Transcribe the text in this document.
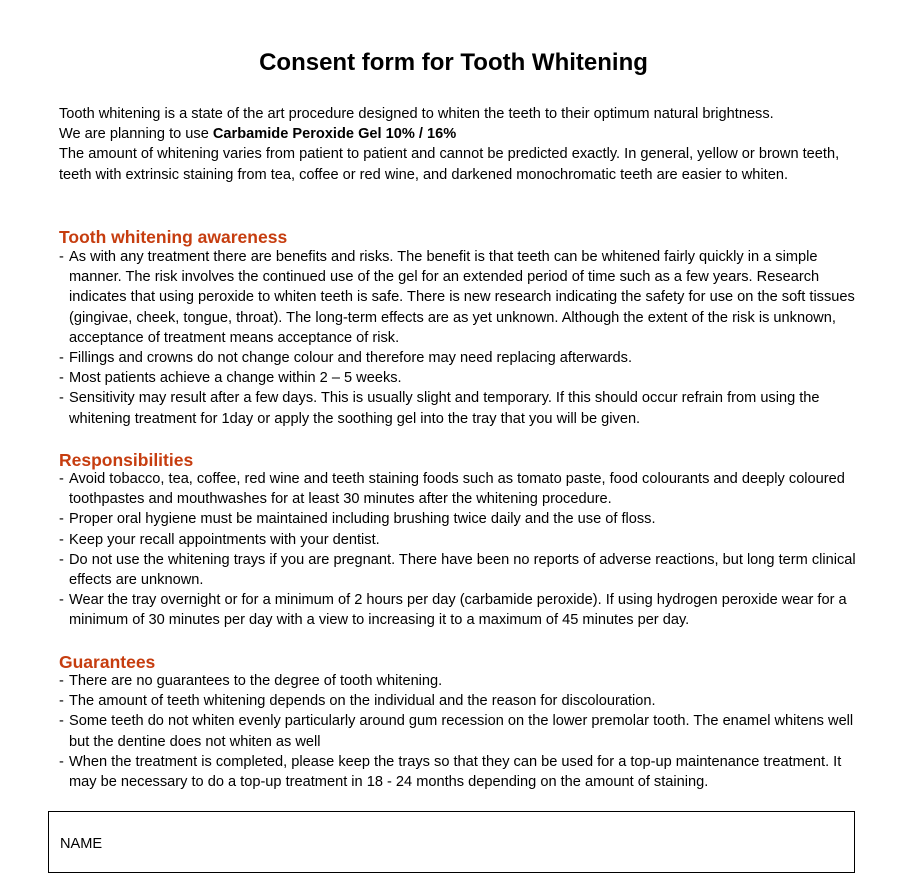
Consent form for Tooth Whitening

Tooth whitening is a state of the art procedure designed to whiten the teeth to their optimum natural brightness.

We are planning to use Carbamide Peroxide Gel 10% / 16%

The amount of whitening varies from patient to patient and cannot be predicted exactly. In general, yellow or brown teeth, teeth with extrinsic staining from tea, coffee or red wine, and darkened monochromatic teeth are easier to whiten.

Tooth whitening awareness
- As with any treatment there are benefits and risks. The benefit is that teeth can be whitened fairly quickly in a simple manner. The risk involves the continued use of the gel for an extended period of time such as a few years. Research indicates that using peroxide to whiten teeth is safe. There is new research indicating the safety for use on the soft tissues (gingivae, cheek, tongue, throat). The long-term effects are as yet unknown. Although the extent of the risk is unknown, acceptance of treatment means acceptance of risk.
- Fillings and crowns do not change colour and therefore may need replacing afterwards.
- Most patients achieve a change within 2 – 5 weeks.
- Sensitivity may result after a few days. This is usually slight and temporary. If this should occur refrain from using the whitening treatment for 1day or apply the soothing gel into the tray that you will be given.
Responsibilities
- Avoid tobacco, tea, coffee, red wine and teeth staining foods such as tomato paste, food colourants and deeply coloured toothpastes and mouthwashes for at least 30 minutes after the whitening procedure.
- Proper oral hygiene must be maintained including brushing twice daily and the use of floss.
- Keep your recall appointments with your dentist.
- Do not use the whitening trays if you are pregnant. There have been no reports of adverse reactions, but long term clinical effects are unknown.
- Wear the tray overnight or for a minimum of 2 hours per day (carbamide peroxide). If using hydrogen peroxide wear for a minimum of 30 minutes per day with a view to increasing it to a maximum of 45 minutes per day.
Guarantees
- There are no guarantees to the degree of tooth whitening.
- The amount of teeth whitening depends on the individual and the reason for discolouration.
- Some teeth do not whiten evenly particularly around gum recession on the lower premolar tooth. The enamel whitens well but the dentine does not whiten as well
- When the treatment is completed, please keep the trays so that they can be used for a top-up maintenance treatment. It may be necessary to do a top-up treatment in 18 - 24 months depending on the amount of staining.
NAME
